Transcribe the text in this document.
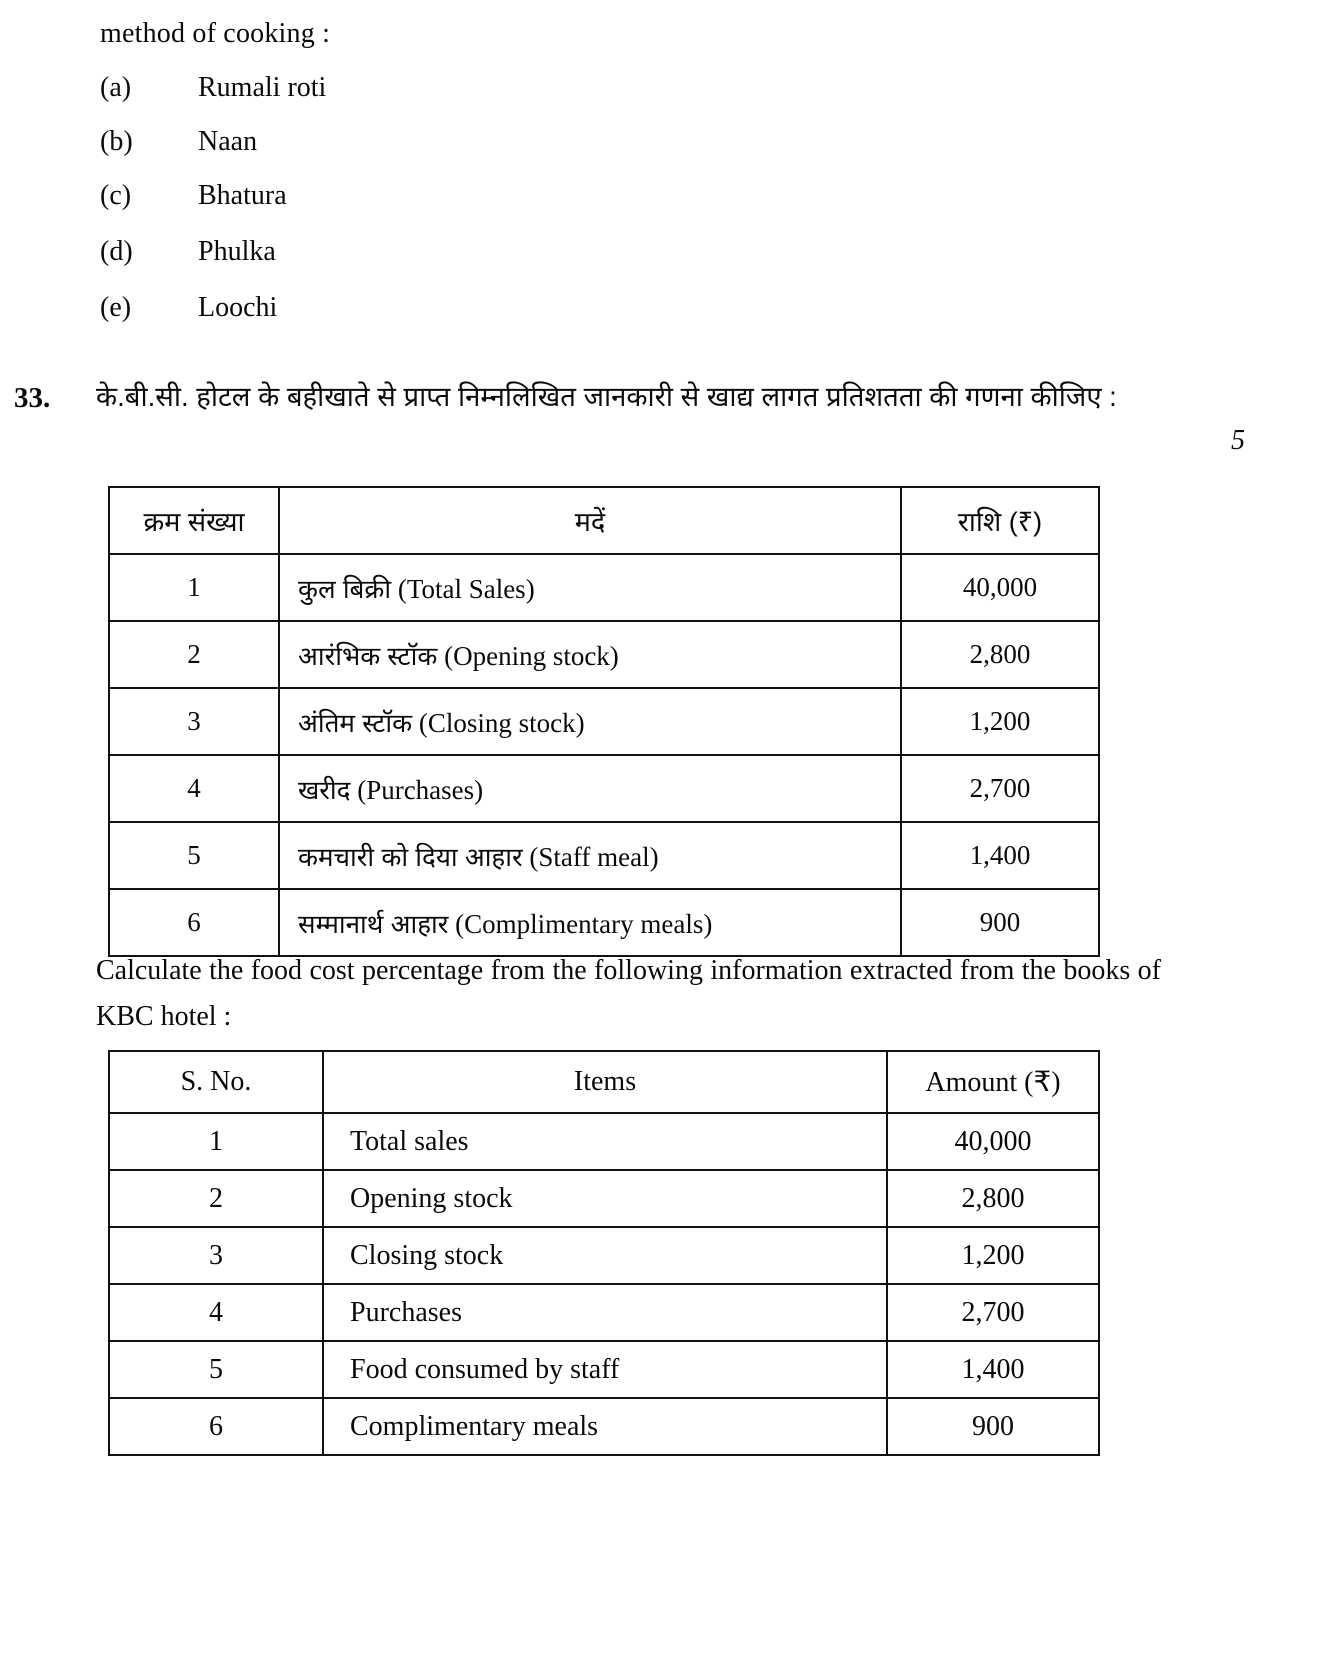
method of cooking :
(a) Rumali roti
(b) Naan
(c) Bhatura
(d) Phulka
(e) Loochi
33. के.बी.सी. होटल के बहीखाते से प्राप्त निम्नलिखित जानकारी से खाद्य लागत प्रतिशतता की गणना कीजिए :
5
क्रम संख्या	मदें	राशि (₹)
1	कुल बिक्री (Total Sales)	40,000
2	आरंभिक स्टॉक (Opening stock)	2,800
3	अंतिम स्टॉक (Closing stock)	1,200
4	खरीद (Purchases)	2,700
5	कमचारी को दिया आहार (Staff meal)	1,400
6	सम्मानार्थ आहार (Complimentary meals)	900
Calculate the food cost percentage from the following information extracted from the books of KBC hotel :
S. No.	Items	Amount (₹)
1	Total sales	40,000
2	Opening stock	2,800
3	Closing stock	1,200
4	Purchases	2,700
5	Food consumed by staff	1,400
6	Complimentary meals	900
